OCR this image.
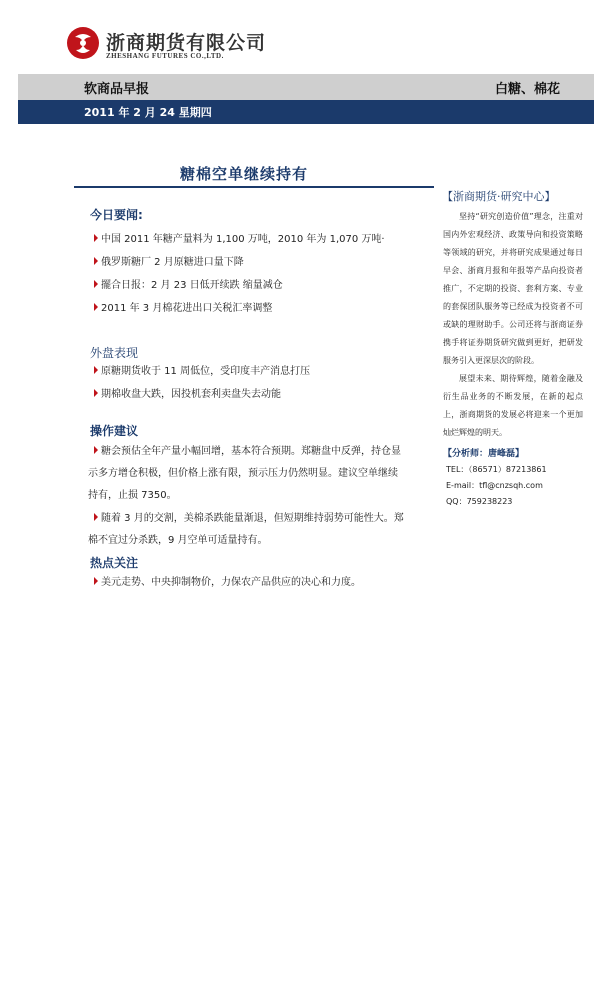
浙商期货有限公司
ZHESHANG FUTURES CO.,LTD.
软商品早报	白糖、棉花
2011 年 2 月 24 星期四
糖棉空单继续持有
今日要闻:
中国 2011 年糖产量料为 1,100 万吨，2010 年为 1,070 万吨·
俄罗斯糖厂 2 月原糖进口量下降
擺合日报：2 月 23 日低开续跌 缩量减仓
2011 年 3 月棉花进出口关税汇率调整
外盘表现
原糖期货收于 11 周低位，受印度丰产消息打压
期棉收盘大跌，因投机套利卖盘失去动能
操作建议
糖会预估全年产量小幅回增，基本符合预期。郑糖盘中反弹，持仓显
示多方增仓积极，但价格上涨有限，预示压力仍然明显。建议空单继续
持有，止损 7350。
随着 3 月的交割，美棉杀跌能量渐退，但短期维持弱势可能性大。郑
棉不宜过分杀跌，9 月空单可适量持有。
热点关注
美元走势、中央抑制物价，力保农产品供应的决心和力度。
【浙商期货·研究中心】

坚持“研究创造价值”理念，注重对国内外宏观经济、政策导向和投资策略等领域的研究，并将研究成果通过每日早会、浙商月报和年报等产品向投资者推广，不定期的投资、套利方案、专业的套保团队服务等已经成为投资者不可或缺的理财助手。公司还将与浙商证券携手将证券期货研究做到更好，把研发服务引入更深层次的阶段。

展望未来、期待辉煌，随着金融及衍生品业务的不断发展，在新的起点上，浙商期货的发展必将迎来一个更加灿烂辉煌的明天。

【分析师：唐峰磊】
TEL：（86571）87213861
E-mail：tfl@cnzsqh.com
QQ：759238223
